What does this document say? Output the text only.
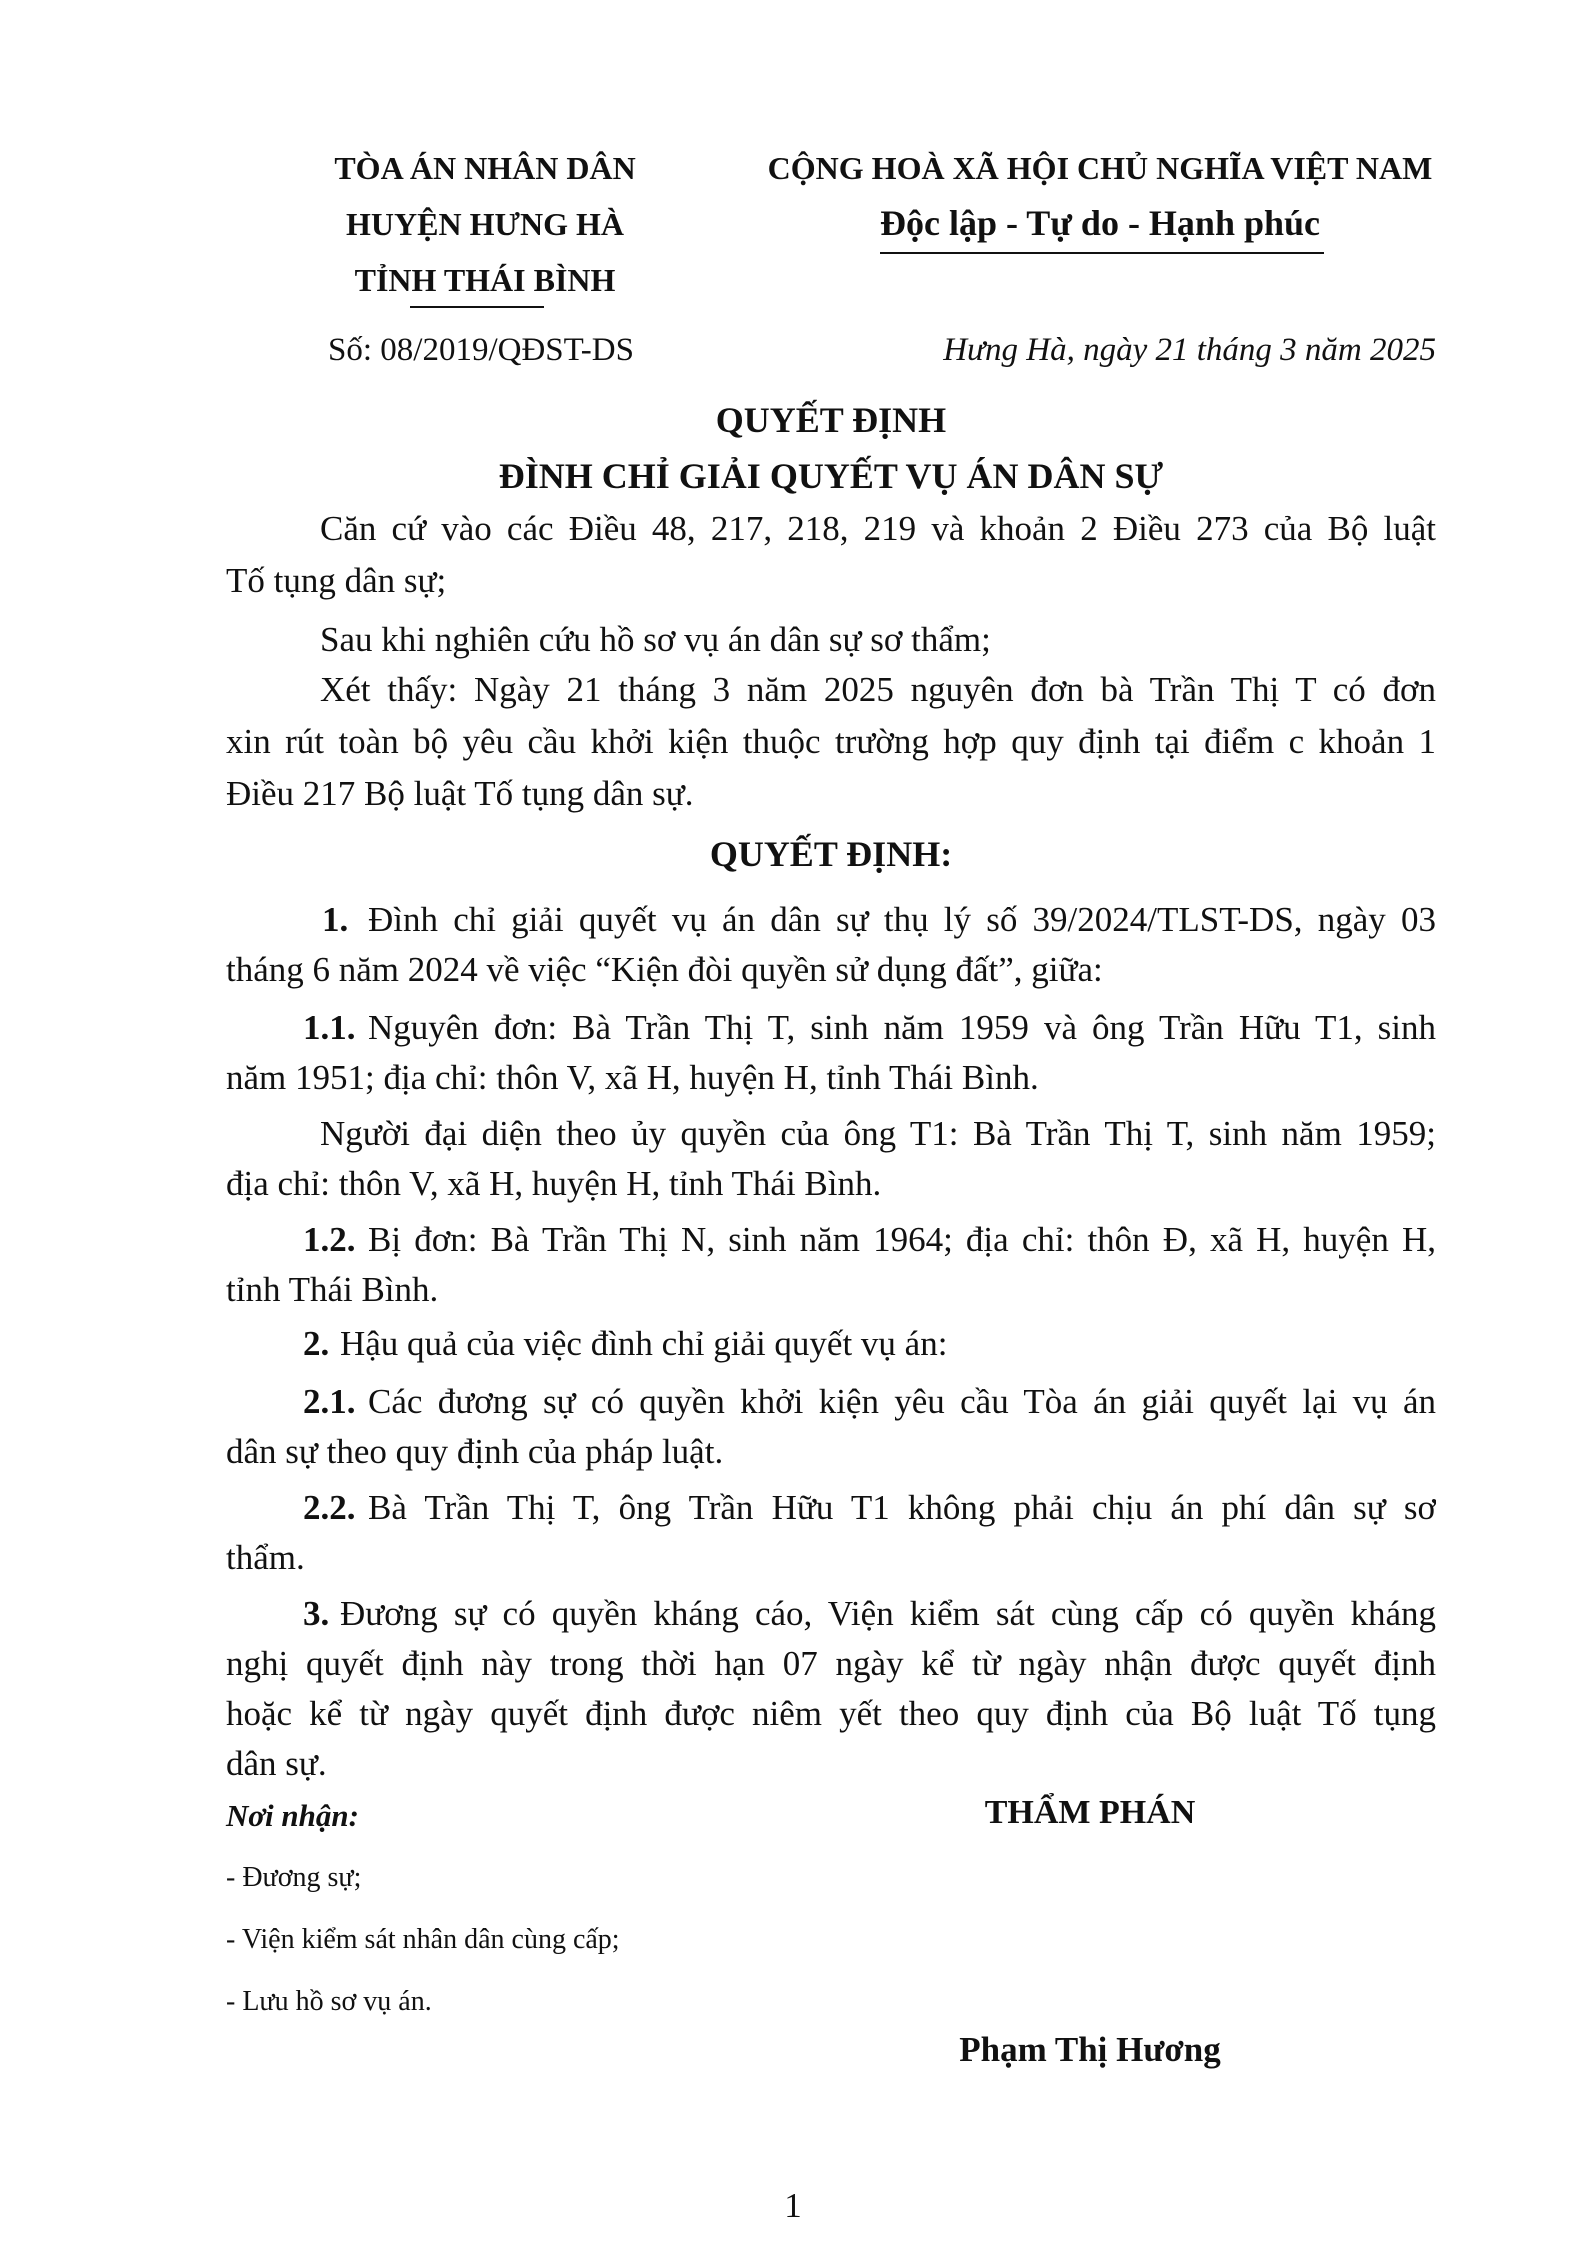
TÒA ÁN NHÂN DÂN
HUYỆN HƯNG HÀ
TỈNH THÁI BÌNH
CỘNG HOÀ XÃ HỘI CHỦ NGHĨA VIỆT NAM
Độc lập - Tự do - Hạnh phúc
Số: 08/2019/QĐST-DS	Hưng Hà, ngày 21 tháng 3 năm 2025
QUYẾT ĐỊNH
ĐÌNH CHỈ GIẢI QUYẾT VỤ ÁN DÂN SỰ
Căn cứ vào các Điều 48, 217, 218, 219 và khoản 2 Điều 273 của Bộ luật
Tố tụng dân sự;
Sau khi nghiên cứu hồ sơ vụ án dân sự sơ thẩm;
Xét thấy: Ngày 21 tháng 3 năm 2025 nguyên đơn bà Trần Thị T có đơn
xin rút toàn bộ yêu cầu khởi kiện thuộc trường hợp quy định tại điểm c khoản 1
Điều 217 Bộ luật Tố tụng dân sự.
QUYẾT ĐỊNH:
1. Đình chỉ giải quyết vụ án dân sự thụ lý số 39/2024/TLST-DS, ngày 03
tháng 6 năm 2024 về việc “Kiện đòi quyền sử dụng đất”, giữa:
1.1. Nguyên đơn: Bà Trần Thị T, sinh năm 1959 và ông Trần Hữu T1, sinh
năm 1951; địa chỉ: thôn V, xã H, huyện H, tỉnh Thái Bình.
Người đại diện theo ủy quyền của ông T1: Bà Trần Thị T, sinh năm 1959;
địa chỉ: thôn V, xã H, huyện H, tỉnh Thái Bình.
1.2. Bị đơn: Bà Trần Thị N, sinh năm 1964; địa chỉ: thôn Đ, xã H, huyện H,
tỉnh Thái Bình.
2. Hậu quả của việc đình chỉ giải quyết vụ án:
2.1. Các đương sự có quyền khởi kiện yêu cầu Tòa án giải quyết lại vụ án
dân sự theo quy định của pháp luật.
2.2. Bà Trần Thị T, ông Trần Hữu T1 không phải chịu án phí dân sự sơ
thẩm.
3. Đương sự có quyền kháng cáo, Viện kiểm sát cùng cấp có quyền kháng
nghị quyết định này trong thời hạn 07 ngày kể từ ngày nhận được quyết định
hoặc kể từ ngày quyết định được niêm yết theo quy định của Bộ luật Tố tụng
dân sự.
Nơi nhận:
- Đương sự;
- Viện kiểm sát nhân dân cùng cấp;
- Lưu hồ sơ vụ án.
THẨM PHÁN
Phạm Thị Hương
1
